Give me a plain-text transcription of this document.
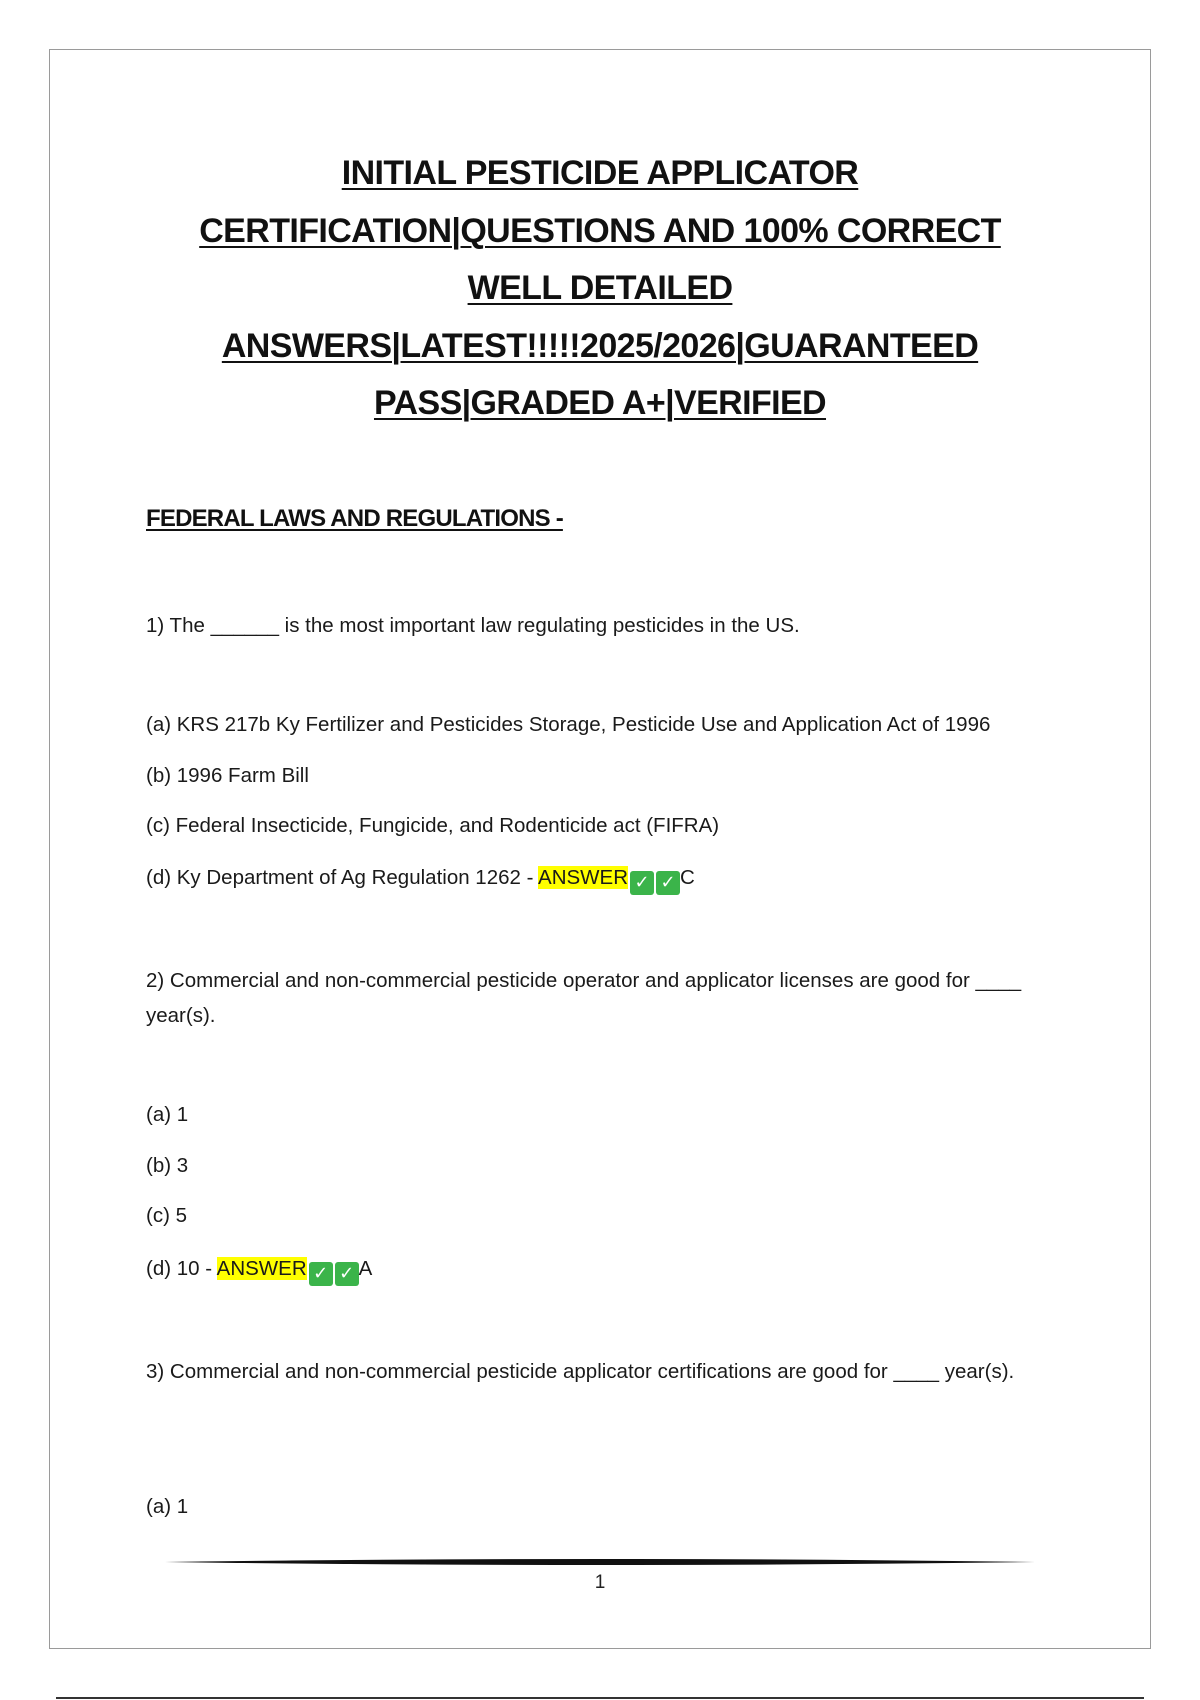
INITIAL PESTICIDE APPLICATOR
CERTIFICATION|QUESTIONS AND 100% CORRECT
WELL DETAILED
ANSWERS|LATEST!!!!!2025/2026|GUARANTEED
PASS|GRADED A+|VERIFIED
FEDERAL LAWS AND REGULATIONS -

1) The ______ is the most important law regulating pesticides in the US.

(a) KRS 217b Ky Fertilizer and Pesticides Storage, Pesticide Use and Application Act of 1996

(b) 1996 Farm Bill

(c) Federal Insecticide, Fungicide, and Rodenticide act (FIFRA)

(d) Ky Department of Ag Regulation 1262 - ANSWER ✓ ✓ C

2) Commercial and non-commercial pesticide operator and applicator licenses are good for ____ year(s).

(a) 1

(b) 3

(c) 5

(d) 10 - ANSWER ✓ ✓ A

3) Commercial and non-commercial pesticide applicator certifications are good for ____ year(s).

(a) 1

1
